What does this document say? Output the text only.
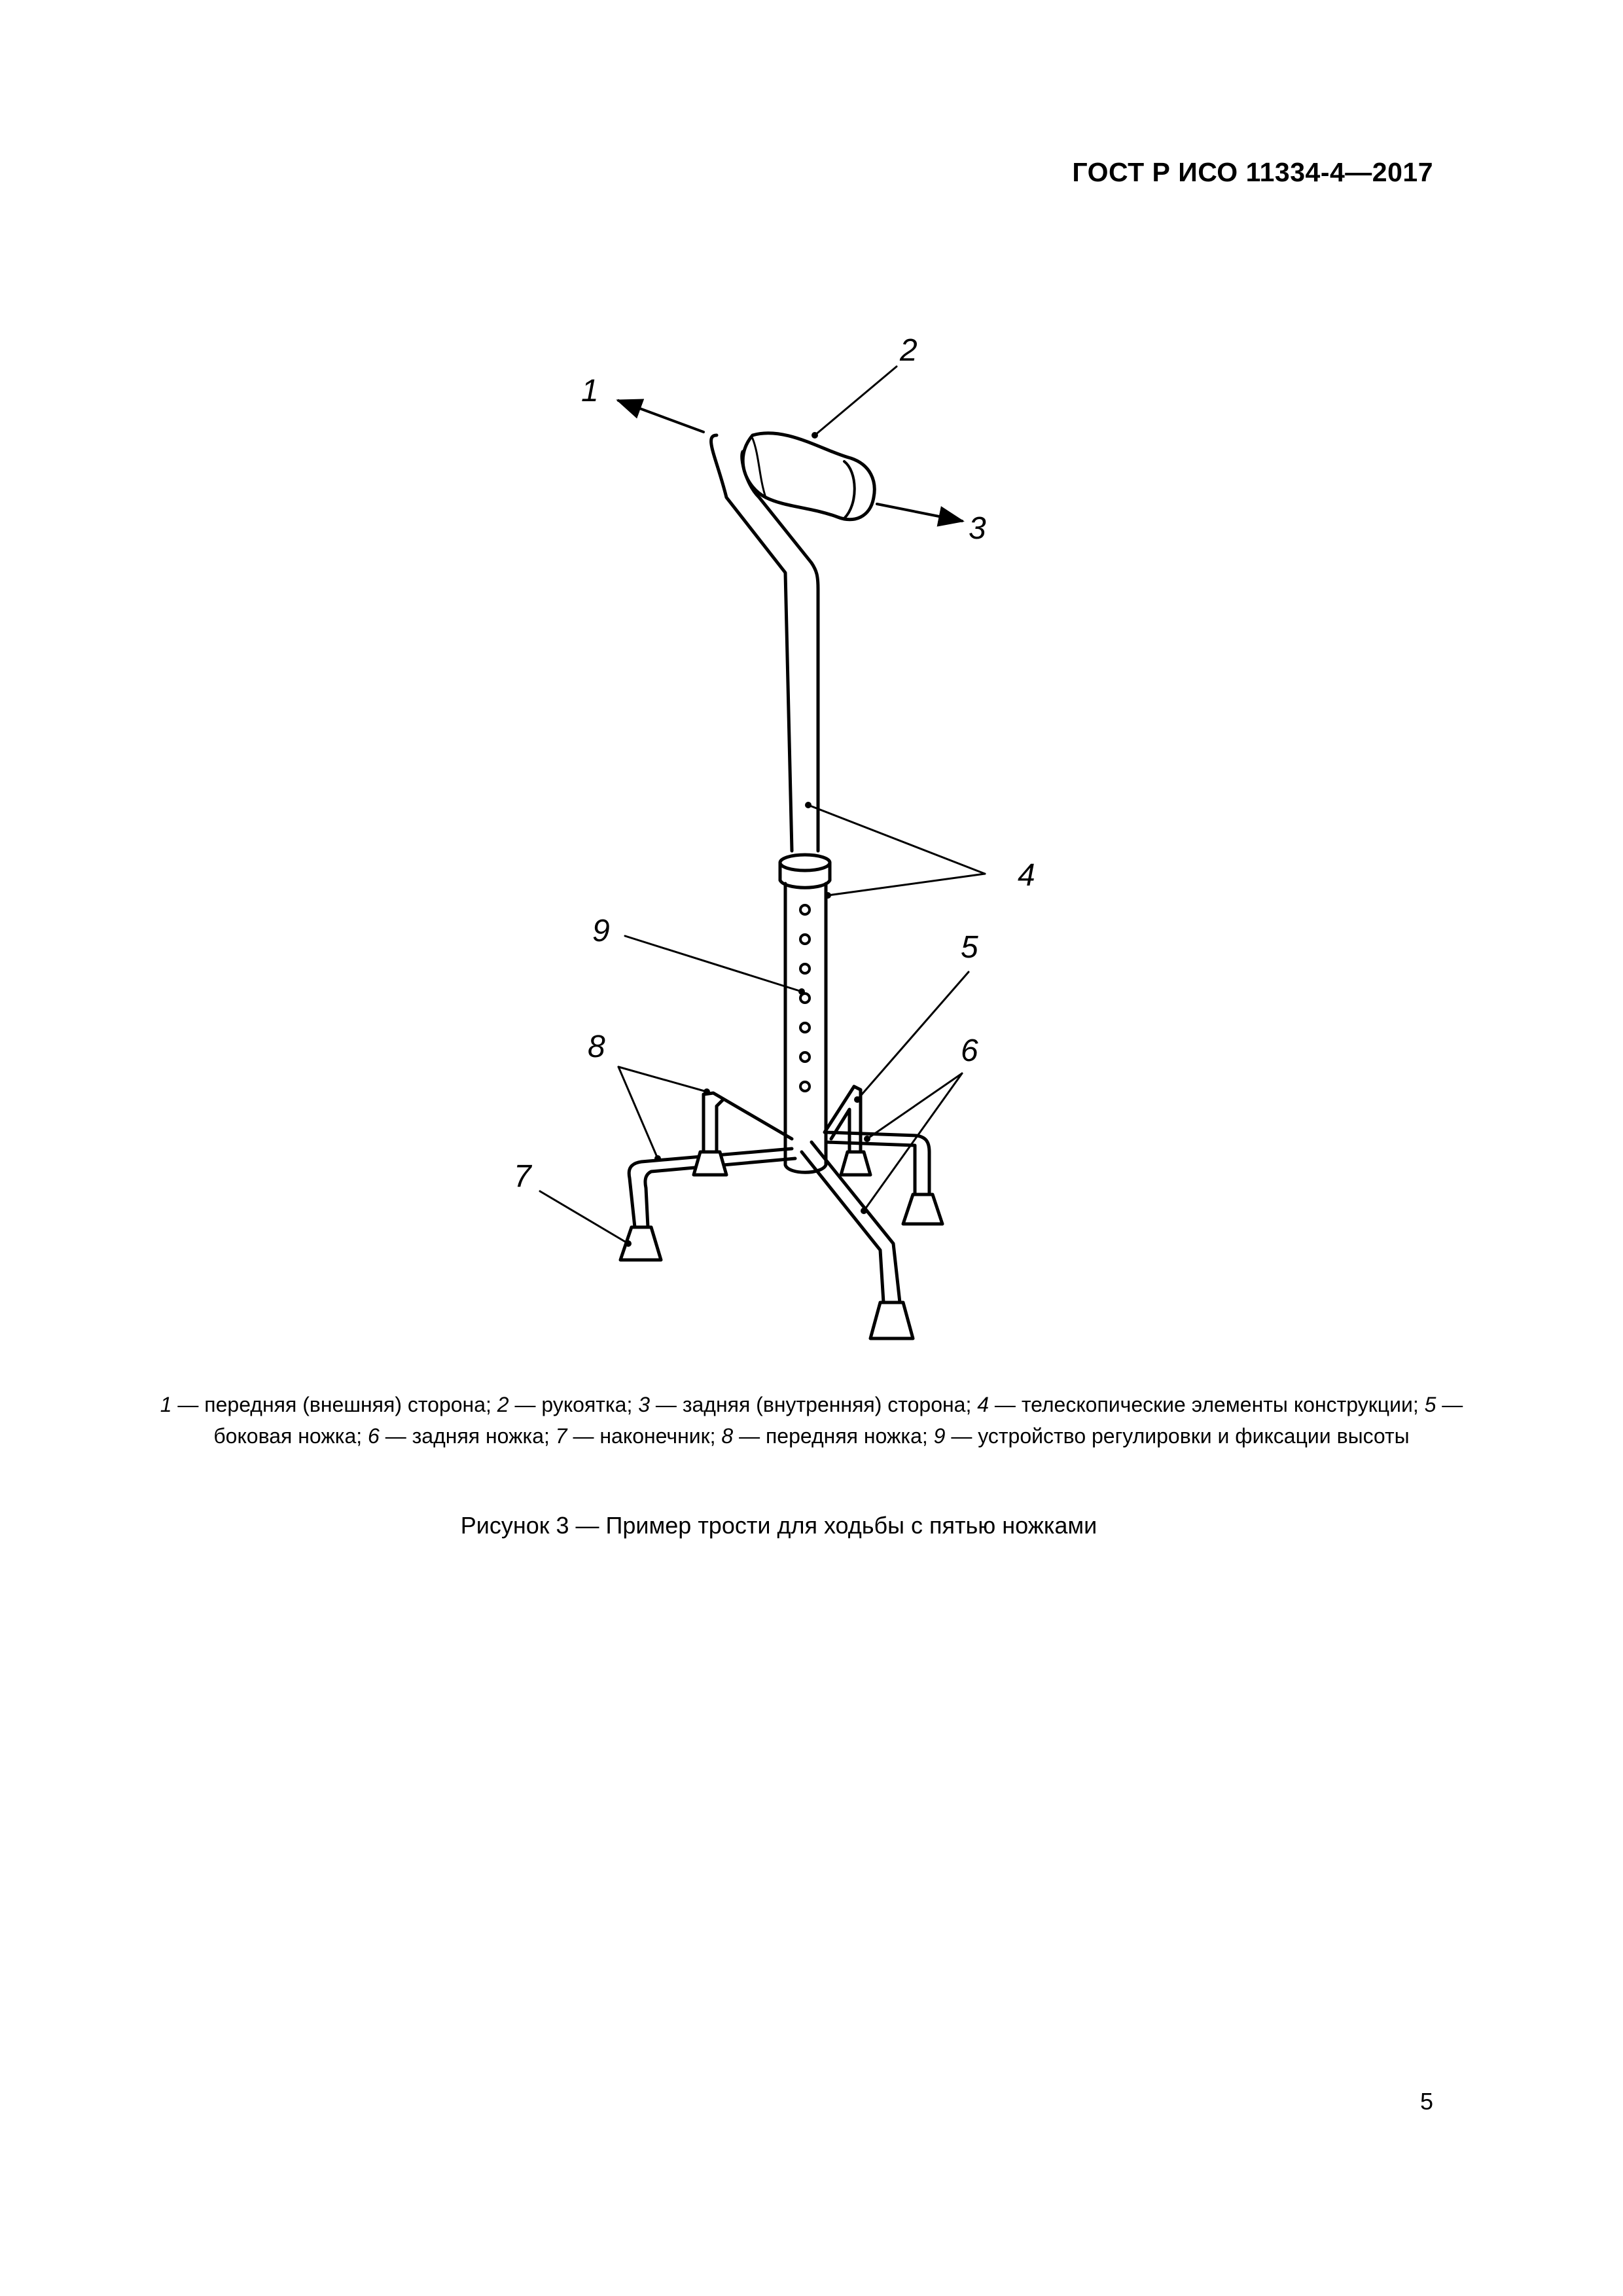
ГОСТ Р ИСО 11334-4—2017
1
2
3
4
5
6
7
8
9
1 — передняя (внешняя) сторона; 2 — рукоятка; 3 — задняя (внутренняя) сторона; 4 — телескопические элементы конструкции; 5 — боковая ножка; 6 — задняя ножка; 7 — наконечник; 8 — передняя ножка; 9 — устройство регулировки и фиксации высоты
Рисунок 3 — Пример трости для ходьбы с пятью ножками
5
